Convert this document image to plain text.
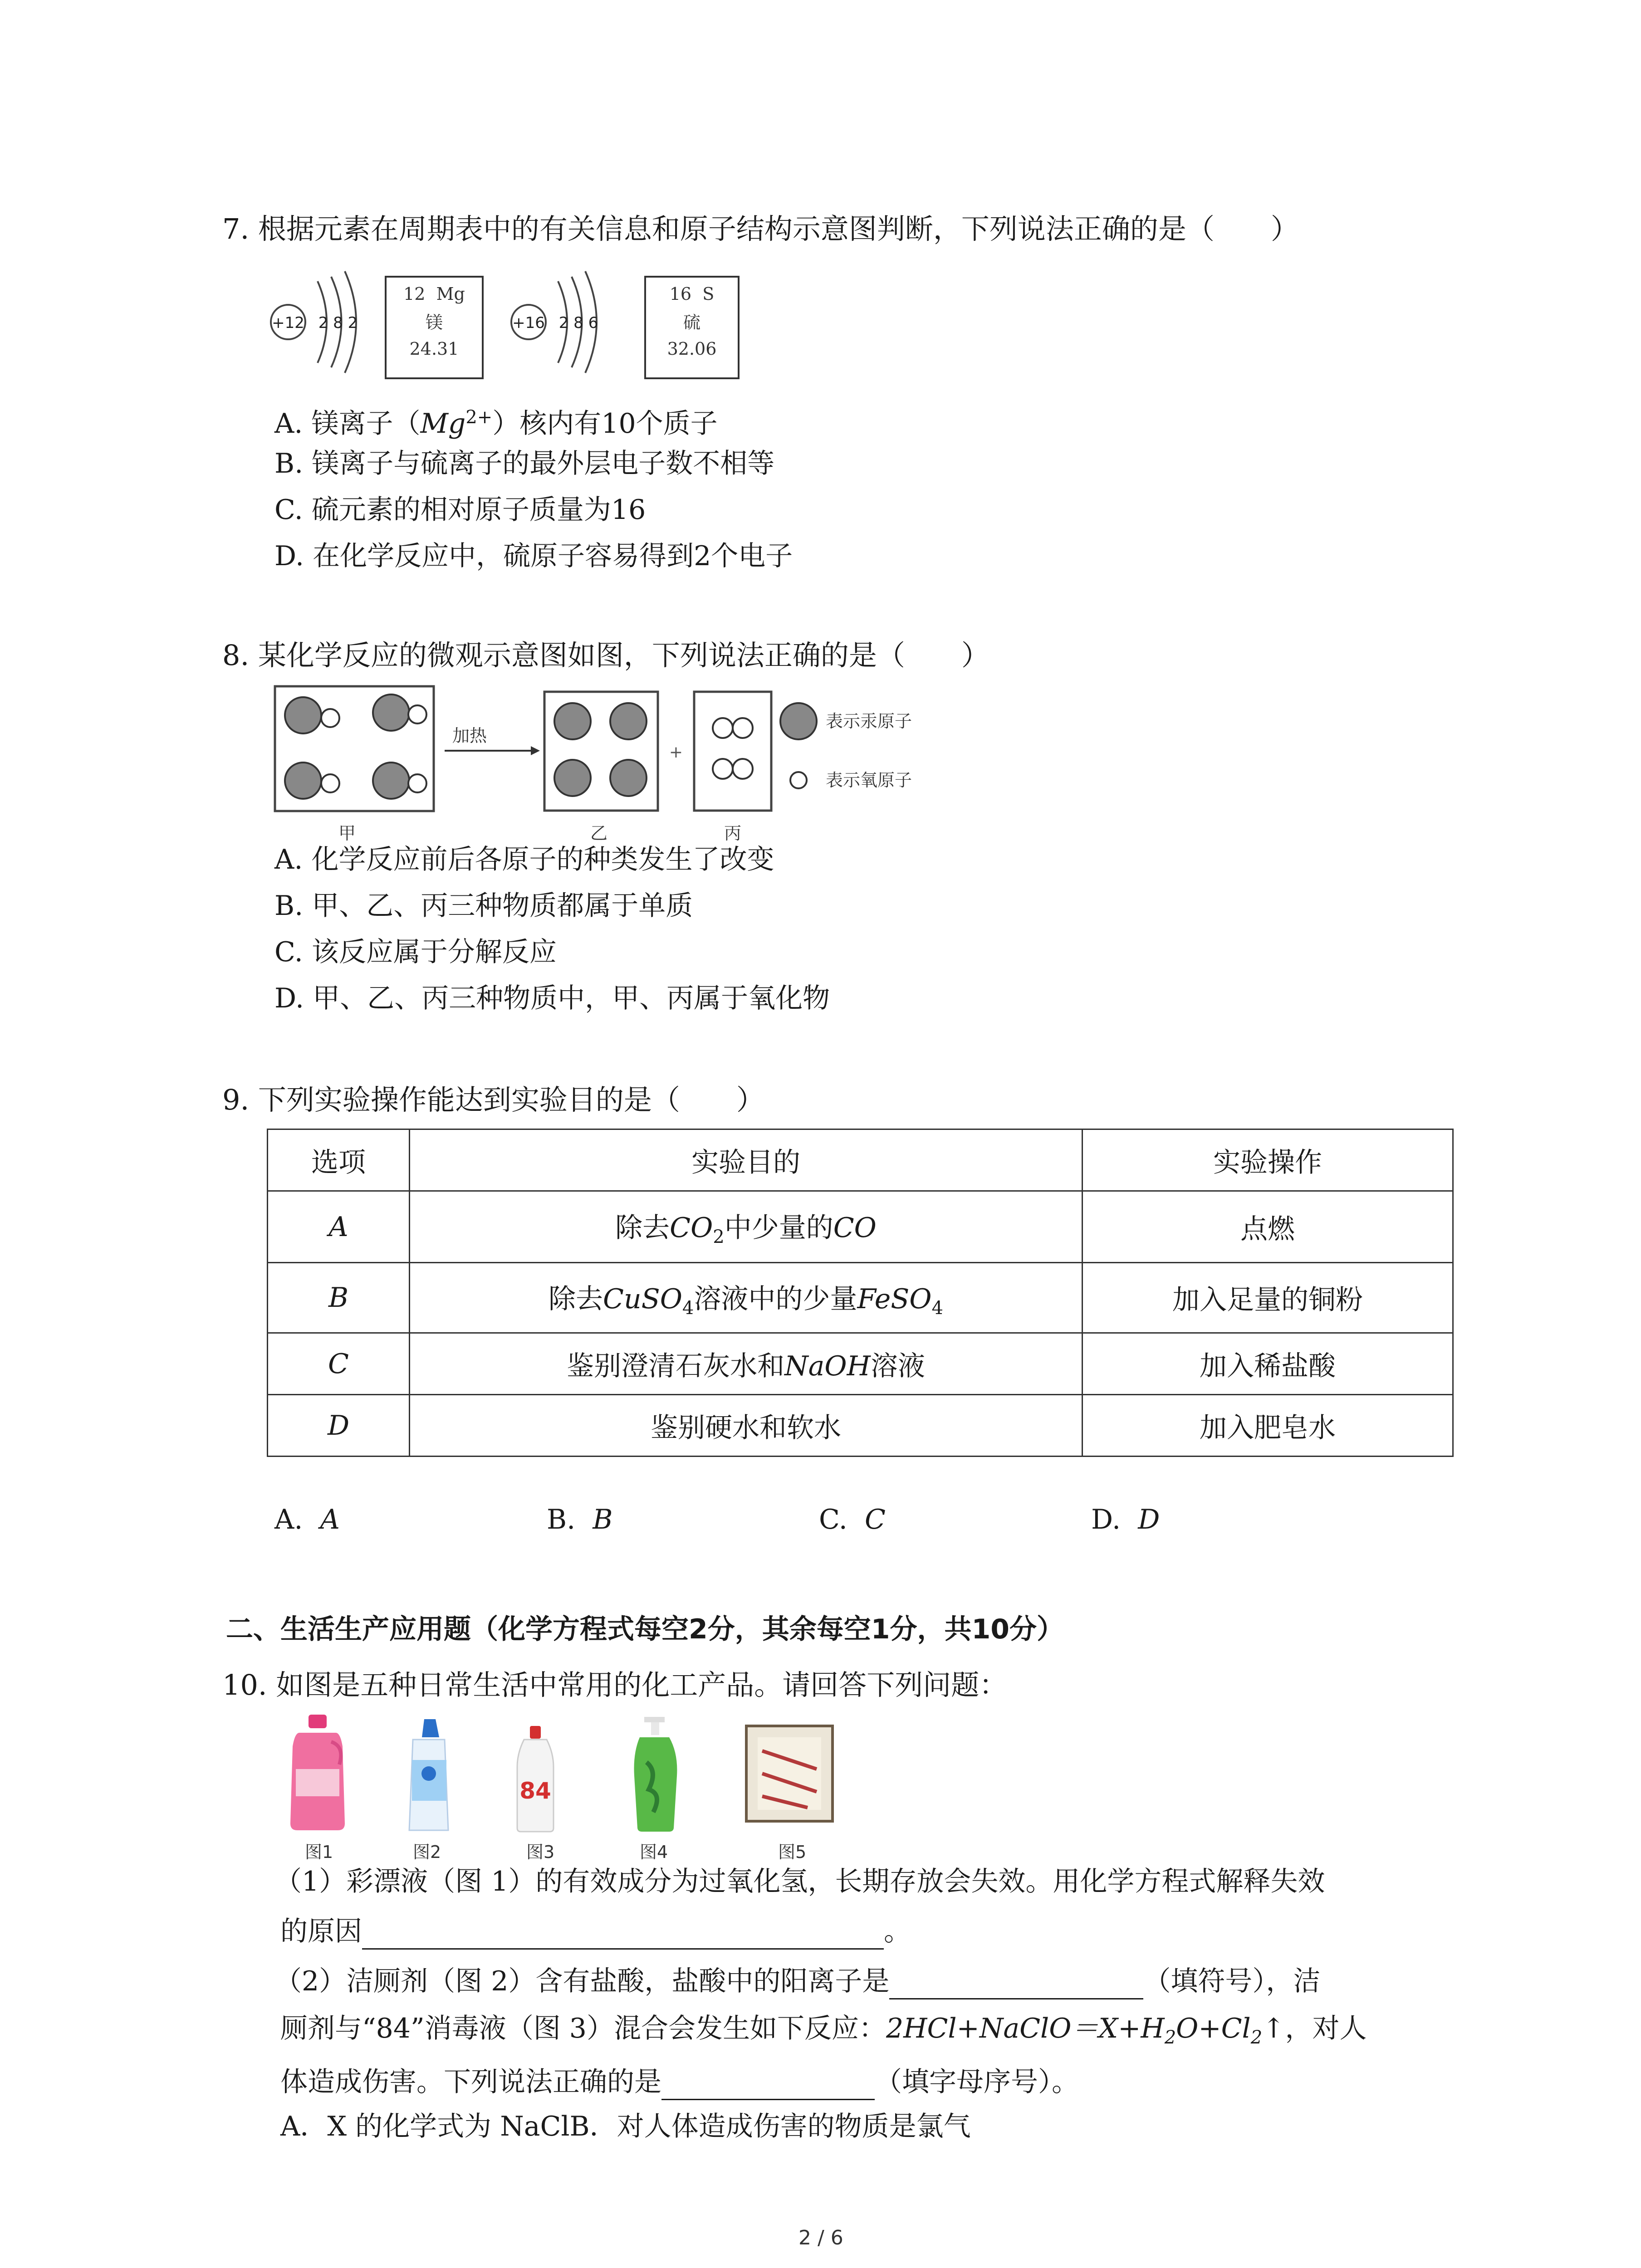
7. 根据元素在周期表中的有关信息和原子结构示意图判断，下列说法正确的是（　　）
+12 2 8 2
12 Mg
镁
24.31
+16 2 8 6
16 S
硫
32.06
A. 镁离子$(Mg^{2+})$核内有10个质子
B. 镁离子与硫离子的最外层电子数不相等
C. 硫元素的相对原子质量为16
D. 在化学反应中，硫原子容易得到2个电子
8. 某化学反应的微观示意图如图，下列说法正确的是（　　）
加热
+
表示汞原子
表示氧原子
甲	乙	丙
A. 化学反应前后各原子的种类发生了改变
B. 甲、乙、丙三种物质都属于单质
C. 该反应属于分解反应
D. 甲、乙、丙三种物质中，甲、丙属于氧化物
9. 下列实验操作能达到实验目的是（　　）
选项	实验目的	实验操作
A	除去$CO_2$中少量的CO	点燃
B	除去CuSO$_4$溶液中的少量FeSO$_4$	加入足量的铜粉
C	鉴别澄清石灰水和NaOH溶液	加入稀盐酸
D	鉴别硬水和软水	加入肥皂水
A. A	B. B	C. C	D. D
二、生活生产应用题（化学方程式每空2分，其余每空1分，共10分）
10. 如图是五种日常生活中常用的化工产品。请回答下列问题：
84
图1	图2	图3	图4	图5
（1）彩漂液（图 1）的有效成分为过氧化氢，长期存放会失效。用化学方程式解释失效
的原因	。
（2）洁厕剂（图 2）含有盐酸，盐酸中的阳离子是	（填符号），洁
厕剂与“84”消毒液（图 3）混合会发生如下反应：$2HCl+NaClO=X+H_2O+Cl_2↑$，对人
体造成伤害。下列说法正确的是	（填字母序号）。
A．X 的化学式为 NaClB．对人体造成伤害的物质是氯气
2 / 6
